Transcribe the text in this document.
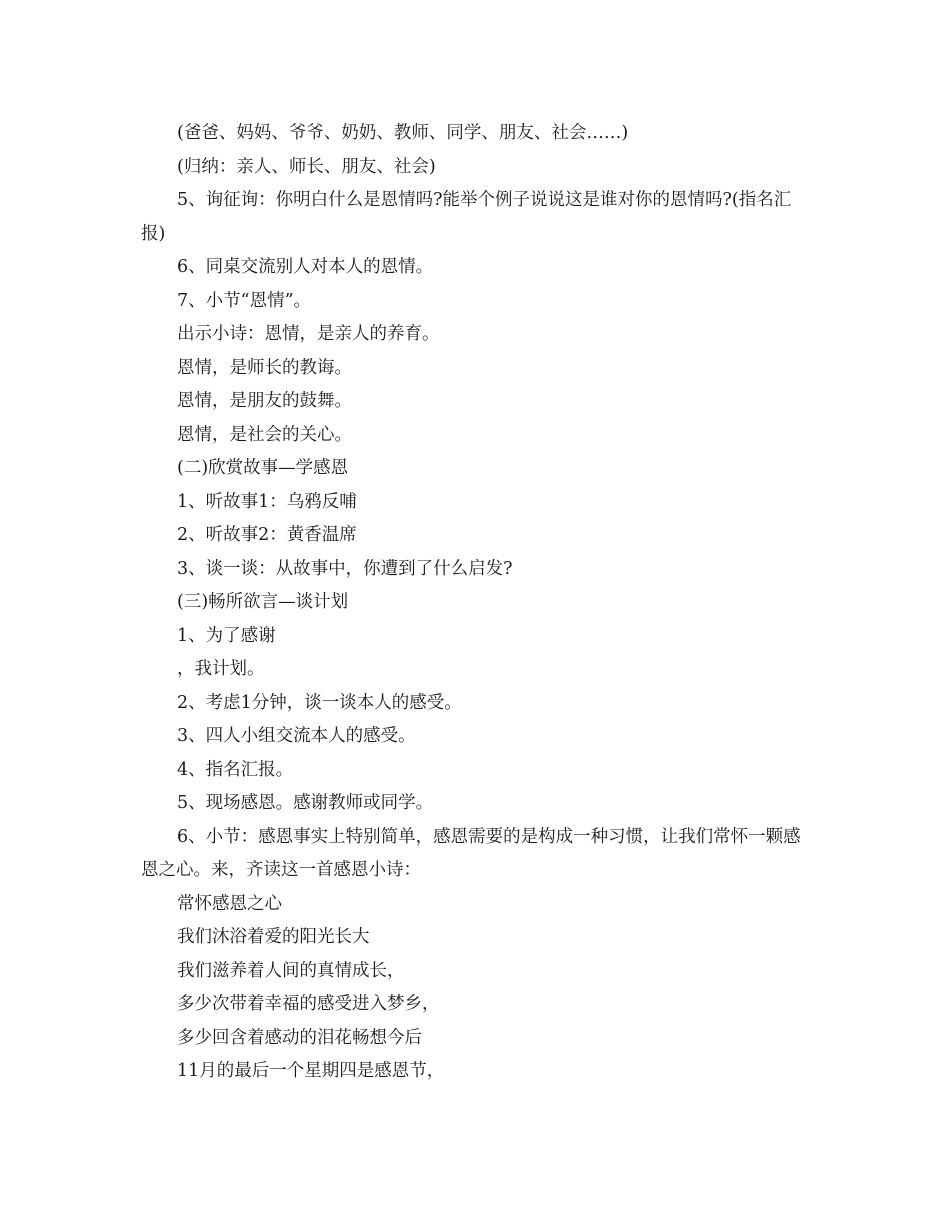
(爸爸、妈妈、爷爷、奶奶、教师、同学、朋友、社会……)

(归纳：亲人、师长、朋友、社会)

5、询征询：你明白什么是恩情吗?能举个例子说说这是谁对你的恩情吗?(指名汇报)

6、同桌交流别人对本人的恩情。

7、小节“恩情”。

出示小诗：恩情，是亲人的养育。

恩情，是师长的教诲。

恩情，是朋友的鼓舞。

恩情，是社会的关心。

(二)欣赏故事—学感恩

1、听故事1：乌鸦反哺

2、听故事2：黄香温席

3、谈一谈：从故事中，你遭到了什么启发?

(三)畅所欲言—谈计划

1、为了感谢

，我计划。

2、考虑1分钟，谈一谈本人的感受。

3、四人小组交流本人的感受。

4、指名汇报。

5、现场感恩。感谢教师或同学。

6、小节：感恩事实上特别简单，感恩需要的是构成一种习惯，让我们常怀一颗感恩之心。来，齐读这一首感恩小诗：

常怀感恩之心

我们沐浴着爱的阳光长大

我们滋养着人间的真情成长，

多少次带着幸福的感受进入梦乡，

多少回含着感动的泪花畅想今后

11月的最后一个星期四是感恩节，
